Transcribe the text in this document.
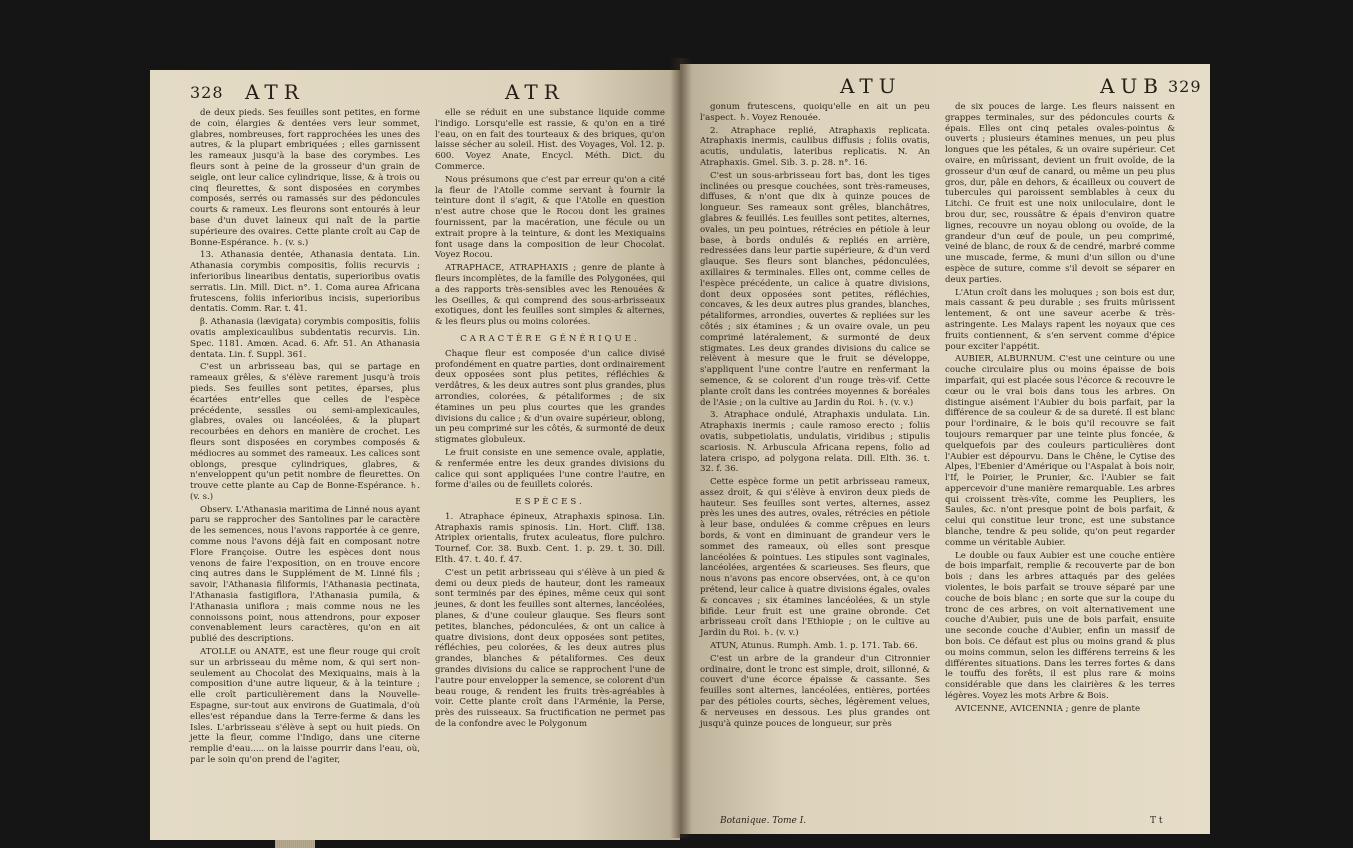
328 ATR	ATR

de deux pieds. Ses feuilles sont petites, en forme de coin, élargies & dentées vers leur sommet, glabres, nombreuses, fort rapprochées les unes des autres, & la plupart embriquées ; elles garnissent les rameaux jusqu'à la base des corymbes. Les fleurs sont à peine de la grosseur d'un grain de seigle, ont leur calice cylindrique, lisse, & à trois ou cinq fleurettes, & sont disposées en corymbes composés, serrés ou ramassés sur des pédoncules courts & rameux. Les fleurons sont entourés à leur base d'un duvet laineux qui naît de la partie supérieure des ovaires. Cette plante croît au Cap de Bonne-Espérance. ♄. (v. s.)

13. Athanasia dentée, Athanasia dentata. Lin. Athanasia corymbis compositis, foliis recurvis ; inferioribus linearibus dentatis, superioribus ovatis serratis. Lin. Mill. Dict. n°. 1. Coma aurea Africana frutescens, foliis inferioribus incisis, superioribus dentatis. Comm. Rar. t. 41.

β. Athanasia (lævigata) corymbis compositis, foliis ovatis amplexicaulibus subdentatis recurvis. Lin. Spec. 1181. Amœn. Acad. 6. Afr. 51. An Athanasia dentata. Lin. f. Suppl. 361.

C'est un arbrisseau bas, qui se partage en rameaux grêles, & s'élève rarement jusqu'à trois pieds. Ses feuilles sont petites, éparses, plus écartées entr'elles que celles de l'espèce précédente, sessiles ou semi-amplexicaules, glabres, ovales ou lancéolées, & la plupart recourbées en dehors en manière de crochet. Les fleurs sont disposées en corymbes composés & médiocres au sommet des rameaux. Les calices sont oblongs, presque cylindriques, glabres, & n'enveloppent qu'un petit nombre de fleurettes. On trouve cette plante au Cap de Bonne-Espérance. ♄. (v. s.)

Observ. L'Athanasia maritima de Linné nous ayant paru se rapprocher des Santolines par le caractère de les semences, nous l'avons rapportée à ce genre, comme nous l'avons déjà fait en composant notre Flore Françoise. Outre les espèces dont nous venons de faire l'exposition, on en trouve encore cinq autres dans le Supplément de M. Linné fils ; savoir, l'Athanasia filiformis, l'Athanasia pectinata, l'Athanasia fastigiflora, l'Athanasia pumila, & l'Athanasia uniflora ; mais comme nous ne les connoissons point, nous attendrons, pour exposer convenablement leurs caractères, qu'on en ait publié des descriptions.

ATOLLE ou ANATE, est une fleur rouge qui croît sur un arbrisseau du même nom, & qui sert non-seulement au Chocolat des Mexiquains, mais à la composition d'une autre liqueur, & à la teinture ; elle croît particulièrement dans la Nouvelle-Espagne, sur-tout aux environs de Guatimala, d'où elles'est répandue dans la Terre-ferme & dans les Isles. L'arbrisseau s'élève à sept ou huit pieds. On jette la fleur, comme l'Indigo, dans une citerne remplie d'eau..... on la laisse pourrir dans l'eau, où, par le soin qu'on prend de l'agiter,

elle se réduit en une substance liquide comme l'indigo. Lorsqu'elle est rassie, & qu'on en a tiré l'eau, on en fait des tourteaux & des briques, qu'on laisse sécher au soleil. Hist. des Voyages, Vol. 12. p. 600. Voyez Anate, Encycl. Méth. Dict. du Commerce.

Nous présumons que c'est par erreur qu'on a cité la fleur de l'Atolle comme servant à fournir la teinture dont il s'agit, & que l'Atolle en question n'est autre chose que le Rocou dont les graines fournissent, par la macération, une fécule ou un extrait propre à la teinture, & dont les Mexiquains font usage dans la composition de leur Chocolat. Voyez Rocou.

ATRAPHACE, ATRAPHAXIS ; genre de plante à fleurs incomplètes, de la famille des Polygonées, qui a des rapports très-sensibles avec les Renouées & les Oseilles, & qui comprend des sous-arbrisseaux exotiques, dont les feuilles sont simples & alternes, & les fleurs plus ou moins colorées.

CARACTÈRE GÉNÉRIQUE.

Chaque fleur est composée d'un calice divisé profondément en quatre parties, dont ordinairement deux opposées sont plus petites, réfléchies & verdâtres, & les deux autres sont plus grandes, plus arrondies, colorées, & pétaliformes ; de six étamines un peu plus courtes que les grandes divisions du calice ; & d'un ovaire supérieur, oblong, un peu comprimé sur les côtés, & surmonté de deux stigmates globuleux.

Le fruit consiste en une semence ovale, applatie, & renfermée entre les deux grandes divisions du calice qui sont appliquées l'une contre l'autre, en forme d'ailes ou de feuillets colorés.

ESPÈCES.

1. Atraphace épineux, Atraphaxis spinosa. Lin. Atraphaxis ramis spinosis. Lin. Hort. Cliff. 138. Atriplex orientalis, frutex aculeatus, flore pulchro. Tournef. Cor. 38. Buxb. Cent. 1. p. 29. t. 30. Dill. Elth. 47. t. 40. f. 47.

C'est un petit arbrisseau qui s'élève à un pied & demi ou deux pieds de hauteur, dont les rameaux sont terminés par des épines, même ceux qui sont jeunes, & dont les feuilles sont alternes, lancéolées, planes, & d'une couleur glauque. Ses fleurs sont petites, blanches, pédonculées, & ont un calice à quatre divisions, dont deux opposées sont petites, réfléchies, peu colorées, & les deux autres plus grandes, blanches & pétaliformes. Ces deux grandes divisions du calice se rapprochent l'une de l'autre pour envelopper la semence, se colorent d'un beau rouge, & rendent les fruits très-agréables à voir. Cette plante croît dans l'Arménie, la Perse, près des ruisseaux. Sa fructification ne permet pas de la confondre avec le Polygonum

ATU	AUB 329

gonum frutescens, quoiqu'elle en ait un peu l'aspect. ♄. Voyez Renouée.

2. Atraphace replié, Atraphaxis replicata. Atraphaxis inermis, caulibus diffusis ; foliis ovatis, acutis, undulatis, lateribus replicatis. N. An Atraphaxis. Gmel. Sib. 3. p. 28. n°. 16.

C'est un sous-arbrisseau fort bas, dont les tiges inclinées ou presque couchées, sont très-rameuses, diffuses, & n'ont que dix à quinze pouces de longueur. Ses rameaux sont grêles, blanchâtres, glabres & feuillés. Les feuilles sont petites, alternes, ovales, un peu pointues, rétrécies en pétiole à leur base, à bords ondulés & repliés en arrière, redressées dans leur partie supérieure, & d'un verd glauque. Ses fleurs sont blanches, pédonculées, axillaires & terminales. Elles ont, comme celles de l'espèce précédente, un calice à quatre divisions, dont deux opposées sont petites, réfléchies, concaves, & les deux autres plus grandes, blanches, pétaliformes, arrondies, ouvertes & repliées sur les côtés ; six étamines ; & un ovaire ovale, un peu comprimé latéralement, & surmonté de deux stigmates. Les deux grandes divisions du calice se relèvent à mesure que le fruit se développe, s'appliquent l'une contre l'autre en renfermant la semence, & se colorent d'un rouge très-vif. Cette plante croît dans les contrées moyennes & boréales de l'Asie ; on la cultive au Jardin du Roi. ♄. (v. v.)

3. Atraphace ondulé, Atraphaxis undulata. Lin. Atraphaxis inermis ; caule ramoso erecto ; foliis ovatis, subpetiolatis, undulatis, viridibus ; stipulis scariosis. N. Arbuscula Africana repens, folio ad latera crispo, ad polygona relata. Dill. Elth. 36. t. 32. f. 36.

Cette espèce forme un petit arbrisseau rameux, assez droit, & qui s'élève à environ deux pieds de hauteur. Ses feuilles sont vertes, alternes, assez près les unes des autres, ovales, rétrécies en pétiole à leur base, ondulées & comme crêpues en leurs bords, & vont en diminuant de grandeur vers le sommet des rameaux, où elles sont presque lancéolées & pointues. Les stipules sont vaginales, lancéolées, argentées & scarieuses. Ses fleurs, que nous n'avons pas encore observées, ont, à ce qu'on prétend, leur calice à quatre divisions égales, ovales & concaves ; six étamines lancéolées, & un style bifide. Leur fruit est une graine obronde. Cet arbrisseau croît dans l'Ethiopie ; on le cultive au Jardin du Roi. ♄. (v. v.)

ATUN, Atunus. Rumph. Amb. 1. p. 171. Tab. 66.

C'est un arbre de la grandeur d'un Citronnier ordinaire, dont le tronc est simple, droit, sillonné, & couvert d'une écorce épaisse & cassante. Ses feuilles sont alternes, lancéolées, entières, portées par des pétioles courts, sèches, légèrement velues, & nerveuses en dessous. Les plus grandes ont jusqu'à quinze pouces de longueur, sur près

de six pouces de large. Les fleurs naissent en grappes terminales, sur des pédoncules courts & épais. Elles ont cinq petales ovales-pointus & ouverts ; plusieurs étamines menues, un peu plus longues que les pétales, & un ovaire supérieur. Cet ovaire, en mûrissant, devient un fruit ovoïde, de la grosseur d'un œuf de canard, ou même un peu plus gros, dur, pâle en dehors, & écailleux ou couvert de tubercules qui paroissent semblables à ceux du Litchi. Ce fruit est une noix uniloculaire, dont le brou dur, sec, roussâtre & épais d'environ quatre lignes, recouvre un noyau oblong ou ovoïde, de la grandeur d'un œuf de poule, un peu comprimé, veiné de blanc, de roux & de cendré, marbré comme une muscade, ferme, & muni d'un sillon ou d'une espèce de suture, comme s'il devoit se séparer en deux parties.

L'Atun croît dans les moluques ; son bois est dur, mais cassant & peu durable ; ses fruits mûrissent lentement, & ont une saveur acerbe & très-astringente. Les Malays rapent les noyaux que ces fruits contiennent, & s'en servent comme d'épice pour exciter l'appétit.

AUBIER, ALBURNUM. C'est une ceinture ou une couche circulaire plus ou moins épaisse de bois imparfait, qui est placée sous l'écorce & recouvre le cœur ou le vrai bois dans tous les arbres. On distingue aisément l'Aubier du bois parfait, par la différence de sa couleur & de sa dureté. Il est blanc pour l'ordinaire, & le bois qu'il recouvre se fait toujours remarquer par une teinte plus foncée, & quelquefois par des couleurs particulières dont l'Aubier est dépourvu. Dans le Chêne, le Cytise des Alpes, l'Ebenier d'Amérique ou l'Aspalat à bois noir, l'If, le Poirier, le Prunier, &c. l'Aubier se fait appercevoir d'une manière remarquable. Les arbres qui croissent très-vîte, comme les Peupliers, les Saules, &c. n'ont presque point de bois parfait, & celui qui constitue leur tronc, est une substance blanche, tendre & peu solide, qu'on peut regarder comme un véritable Aubier.

Le double ou faux Aubier est une couche entière de bois imparfait, remplie & recouverte par de bon bois ; dans les arbres attaqués par des gelées violentes, le bois parfait se trouve séparé par une couche de bois blanc ; en sorte que sur la coupe du tronc de ces arbres, on voit alternativement une couche d'Aubier, puis une de bois parfait, ensuite une seconde couche d'Aubier, enfin un massif de bon bois. Ce défaut est plus ou moins grand & plus ou moins commun, selon les différens terreins & les différentes situations. Dans les terres fortes & dans le touffu des forêts, il est plus rare & moins considérable que dans les clairières & les terres légères. Voyez les mots Arbre & Bois.

AVICENNE, AVICENNIA ; genre de plante

Botanique. Tome I.	T t
